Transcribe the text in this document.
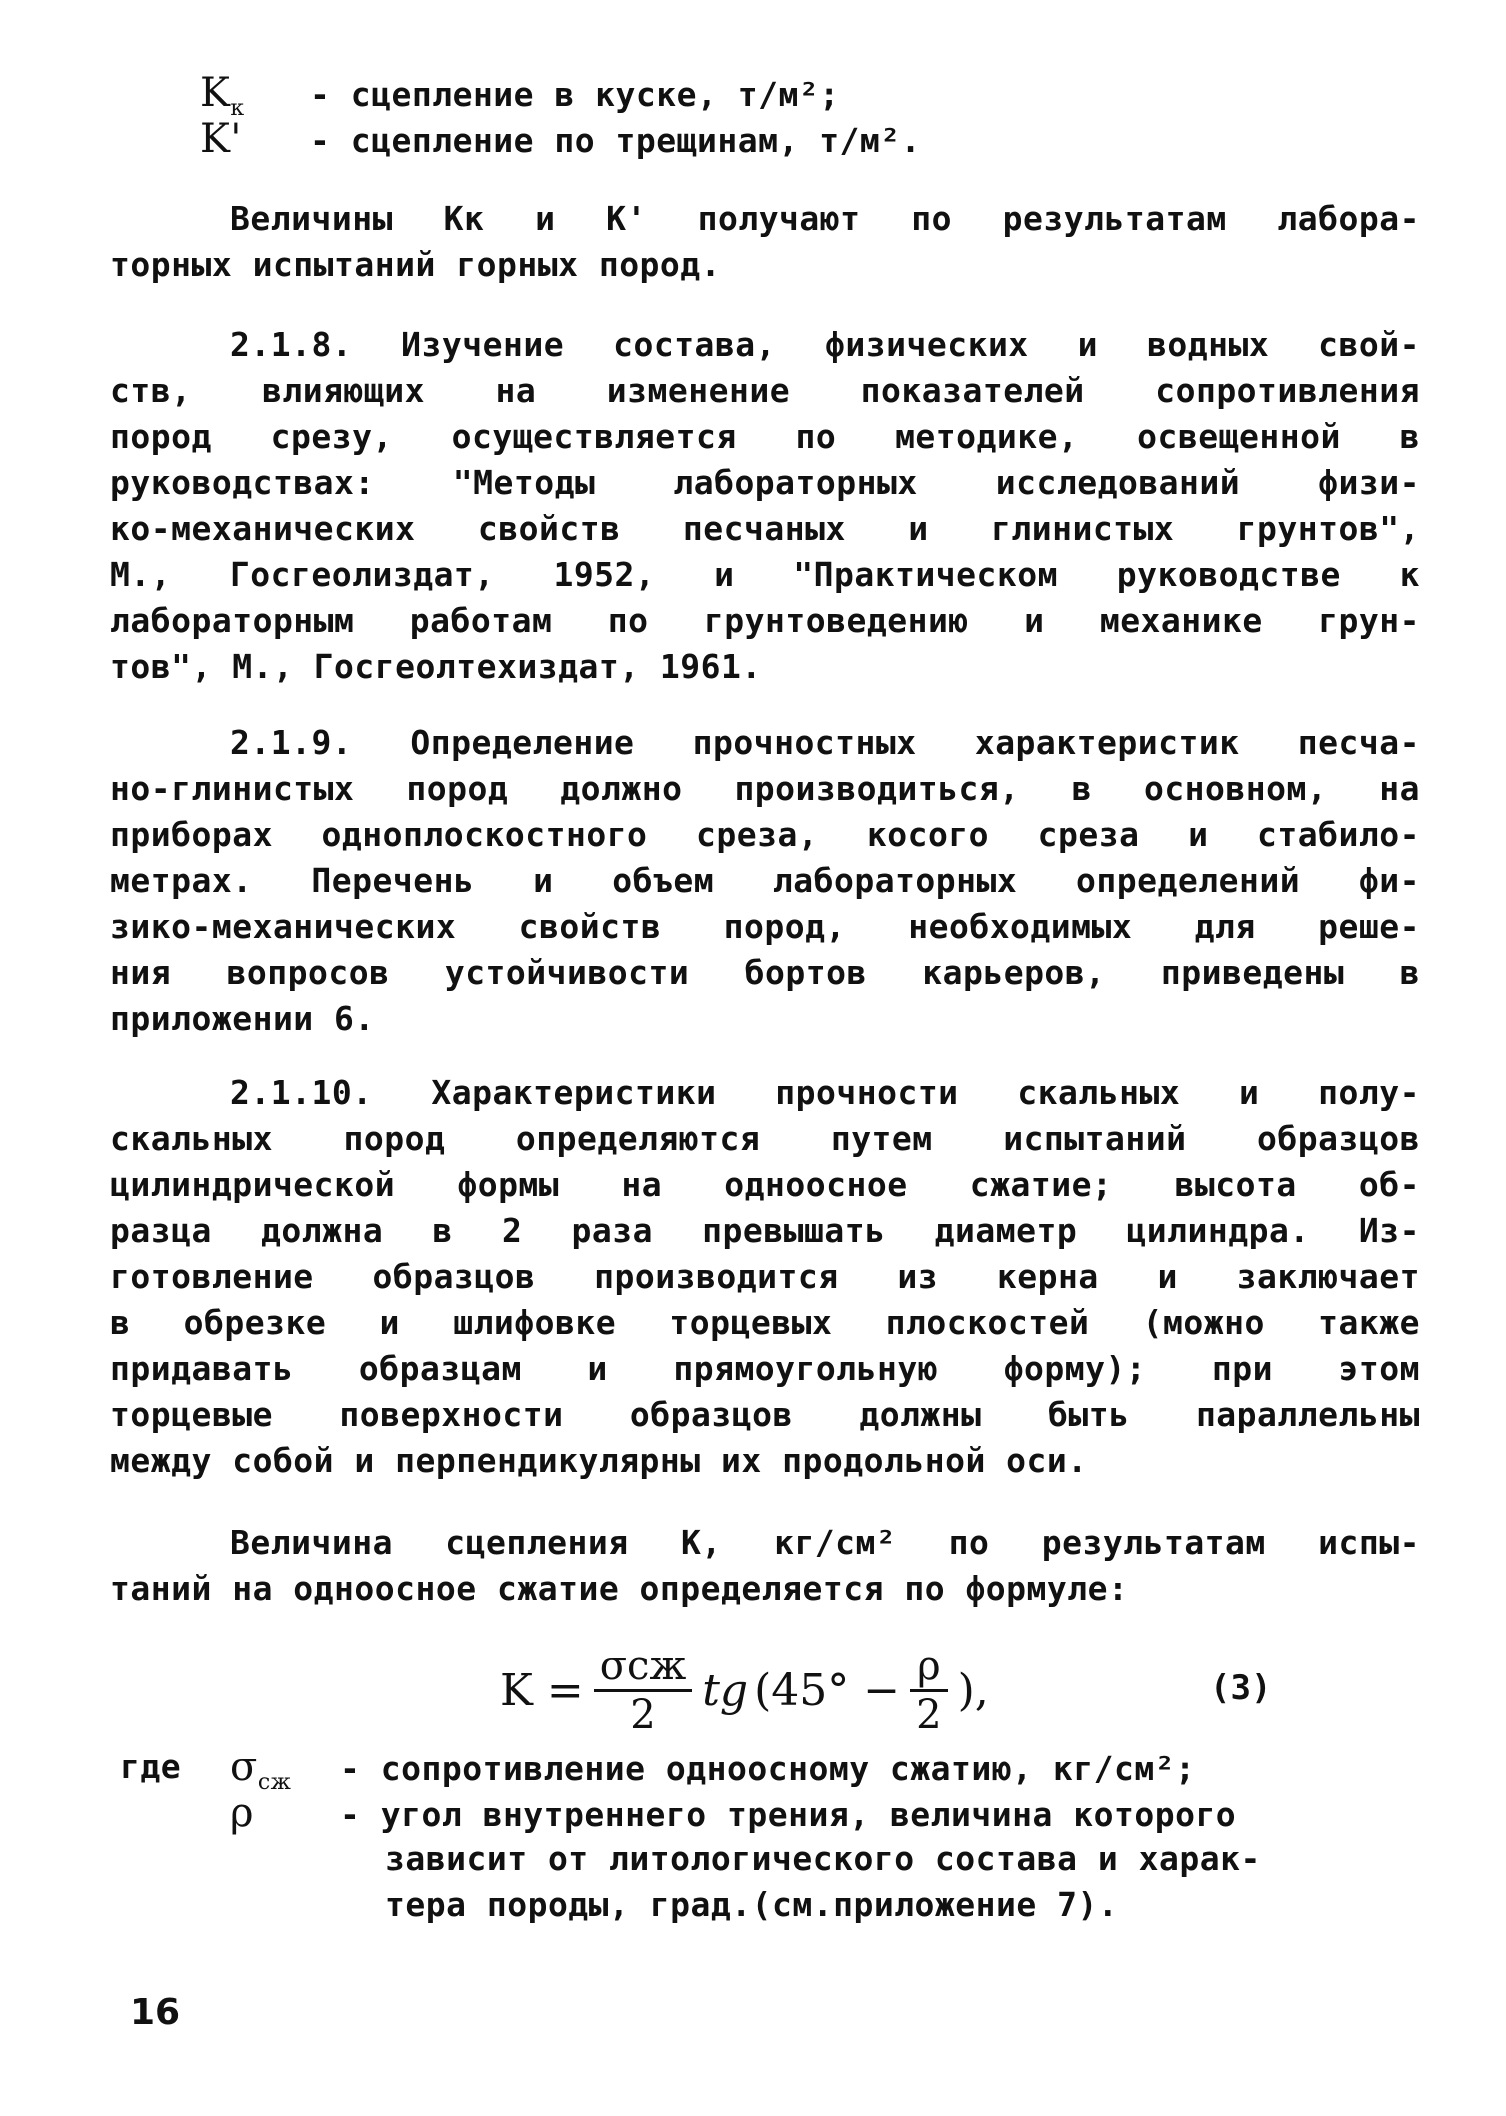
$K_к$	- сцепление в куске, т/м²;
K'	- сцепление по трещинам, т/м².
Величины Kк и K' получают по результатам лабора-
торных испытаний горных пород.
2.1.8. Изучение состава, физических и водных свой-
ств, влияющих на изменение показателей сопротивления
пород срезу, осуществляется по методике, освещенной в
руководствах: "Методы лабораторных исследований физи-
ко-механических свойств песчаных и глинистых грунтов",
М., Госгеолиздат, 1952, и "Практическом руководстве к
лабораторным работам по грунтоведению и механике грун-
тов", М., Госгеолтехиздат, 1961.
2.1.9. Определение прочностных характеристик песча-
но-глинистых пород должно производиться, в основном, на
приборах одноплоскостного среза, косого среза и стабило-
метрах. Перечень и объем лабораторных определений фи-
зико-механических свойств пород, необходимых для реше-
ния вопросов устойчивости бортов карьеров, приведены в
приложении 6.
2.1.10. Характеристики прочности скальных и полу-
скальных пород определяются путем испытаний образцов
цилиндрической формы на одноосное сжатие; высота об-
разца должна в 2 раза превышать диаметр цилиндра. Из-
готовление образцов производится из керна и заключает
в обрезке и шлифовке торцевых плоскостей (можно также
придавать образцам и прямоугольную форму); при этом
торцевые поверхности образцов должны быть параллельны
между собой и перпендикулярны их продольной оси.
Величина сцепления K, кг/см² по результатам испы-
таний на одноосное сжатие определяется по формуле:
$K = \frac{\text{σсж}}{2}$ tg ($45^\circ - \frac{\rho}{2}$ ),	(3)
где $\sigma_{сж}$	- сопротивление одноосному сжатию, кг/см²;
ρ	- угол внутреннего трения, величина которого
зависит от литологического состава и харак-
тера породы, град.(см.приложение 7).
16
